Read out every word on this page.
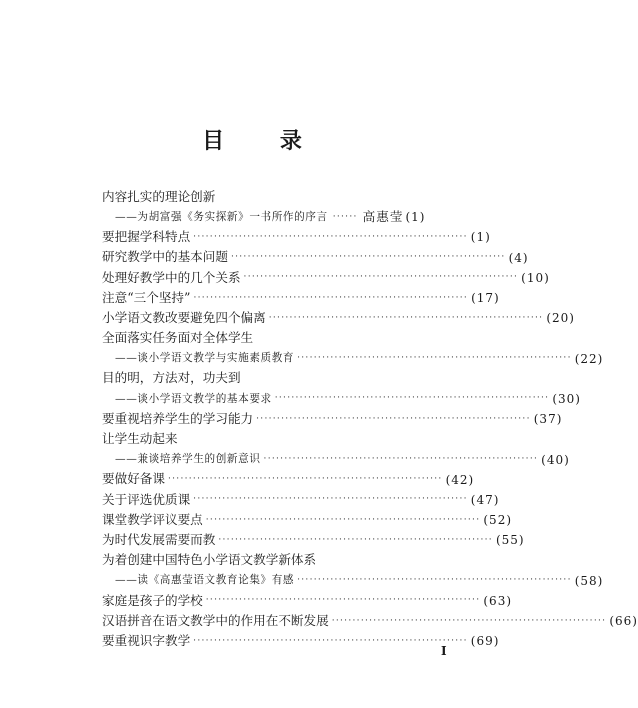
目 录
内容扎实的理论创新
——为胡富强《务实探新》一书所作的序言 ······ 高惠莹 (1)
要把握学科特点 ·································································· (1)
研究教学中的基本问题 ·································································· (4)
处理好教学中的几个关系 ·································································· (10)
注意“三个坚持” ·································································· (17)
小学语文教改要避免四个偏离 ·································································· (20)
全面落实任务面对全体学生
——谈小学语文教学与实施素质教育 ·································································· (22)
目的明，方法对，功夫到
——谈小学语文教学的基本要求 ·································································· (30)
要重视培养学生的学习能力 ·································································· (37)
让学生动起来
——兼谈培养学生的创新意识 ·································································· (40)
要做好备课 ·································································· (42)
关于评选优质课 ·································································· (47)
课堂教学评议要点 ·································································· (52)
为时代发展需要而教 ·································································· (55)
为着创建中国特色小学语文教学新体系
——读《高惠莹语文教育论集》有感 ·································································· (58)
家庭是孩子的学校 ·································································· (63)
汉语拼音在语文教学中的作用在不断发展 ·································································· (66)
要重视识字教学 ·································································· (69)
I
